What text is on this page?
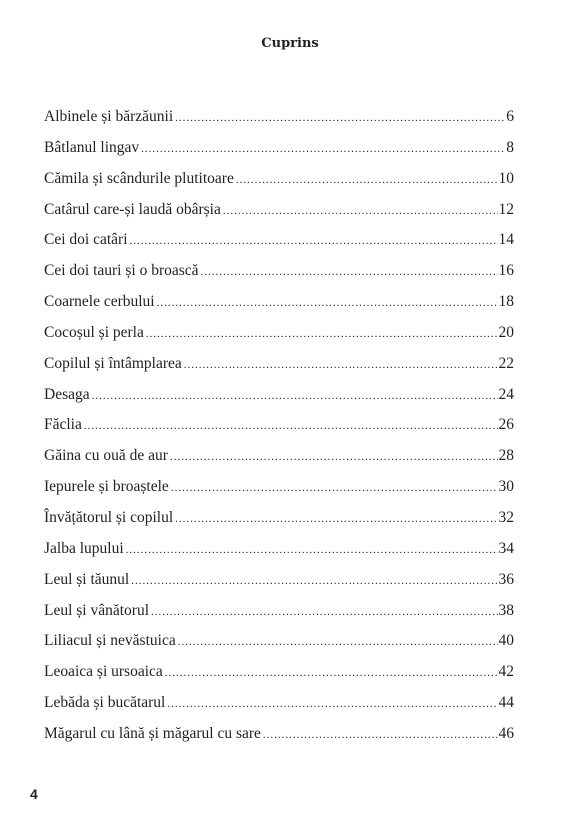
Cuprins
Albinele și bărzăunii .....	6
Bâtlanul lingav .....	8
Cămila și scândurile plutitoare .....	10
Catârul care-și laudă obârșia .....	12
Cei doi catâri .....	14
Cei doi tauri și o broască .....	16
Coarnele cerbului .....	18
Cocoșul și perla .....	20
Copilul și întâmplarea .....	22
Desaga .....	24
Făclia .....	26
Găina cu ouă de aur .....	28
Iepurele și broaștele .....	30
Învățătorul și copilul .....	32
Jalba lupului .....	34
Leul și tăunul .....	36
Leul și vânătorul .....	38
Liliacul și nevăstuica .....	40
Leoaica și ursoaica .....	42
Lebăda și bucătarul .....	44
Măgarul cu lână și măgarul cu sare .....	46
4
